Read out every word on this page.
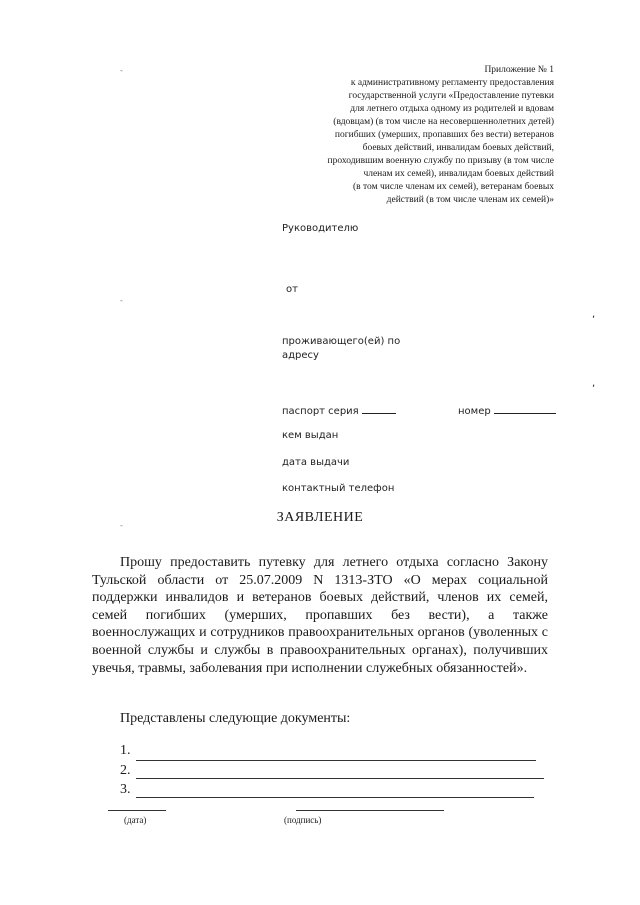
Приложение № 1
к административному регламенту предоставления
государственной услуги «Предоставление путевки
для летнего отдыха одному из родителей и вдовам
(вдовцам) (в том числе на несовершеннолетних детей)
погибших (умерших, пропавших без вести) ветеранов
боевых действий, инвалидам боевых действий,
проходившим военную службу по призыву (в том числе
членам их семей), инвалидам боевых действий
(в том числе членам их семей), ветеранам боевых
действий (в том числе членам их семей)»
-
-
-
Руководителю
от
,
проживающего(ей) по
адресу
,
паспорт серия	номер
кем выдан
дата выдачи
контактный телефон
ЗАЯВЛЕНИЕ
Прошу предоставить путевку для летнего отдыха согласно Закону Тульской области от 25.07.2009 N 1313-ЗТО «О мерах социальной поддержки инвалидов и ветеранов боевых действий, членов их семей, семей погибших (умерших, пропавших без вести), а также военнослужащих и сотрудников правоохранительных органов (уволенных с военной службы и службы в правоохранительных органах), получивших увечья, травмы, заболевания при исполнении служебных обязанностей».
Представлены следующие документы:
1.
2.
3.
(дата)	(подпись)
